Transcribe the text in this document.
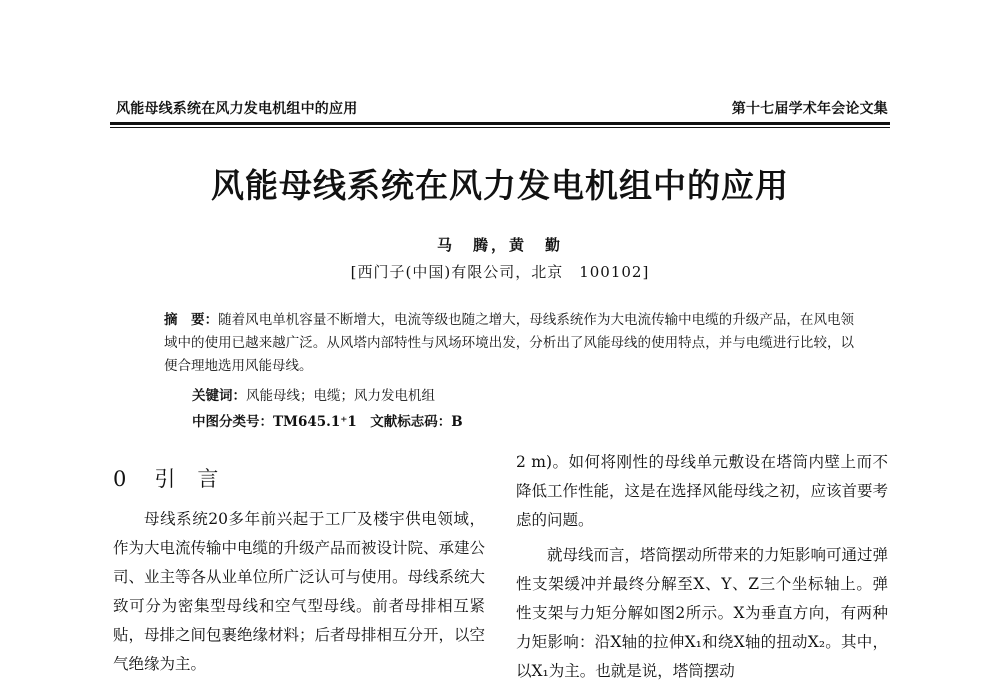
风能母线系统在风力发电机组中的应用	第十七届学术年会论文集
风能母线系统在风力发电机组中的应用
马　腾，黄　勤
[西门子(中国)有限公司，北京　100102]
摘　要：随着风电单机容量不断增大，电流等级也随之增大，母线系统作为大电流传输中电缆的升级产品，在风电领域中的使用已越来越广泛。从风塔内部特性与风场环境出发，分析出了风能母线的使用特点，并与电缆进行比较，以便合理地选用风能母线。
关键词：风能母线；电缆；风力发电机组
中图分类号：TM645.1⁺1　文献标志码：B
0 引 言

母线系统20多年前兴起于工厂及楼宇供电领域，作为大电流传输中电缆的升级产品而被设计院、承建公司、业主等各从业单位所广泛认可与使用。母线系统大致可分为密集型母线和空气型母线。前者母排相互紧贴，母排之间包裹绝缘材料；后者母排相互分开，以空气绝缘为主。

2 m)。如何将刚性的母线单元敷设在塔筒内壁上而不降低工作性能，这是在选择风能母线之初，应该首要考虑的问题。

就母线而言，塔筒摆动所带来的力矩影响可通过弹性支架缓冲并最终分解至X、Y、Z三个坐标轴上。弹性支架与力矩分解如图2所示。X为垂直方向，有两种力矩影响：沿X轴的拉伸X₁和绕X轴的扭动X₂。其中，以X₁为主。也就是说，塔筒摆动
